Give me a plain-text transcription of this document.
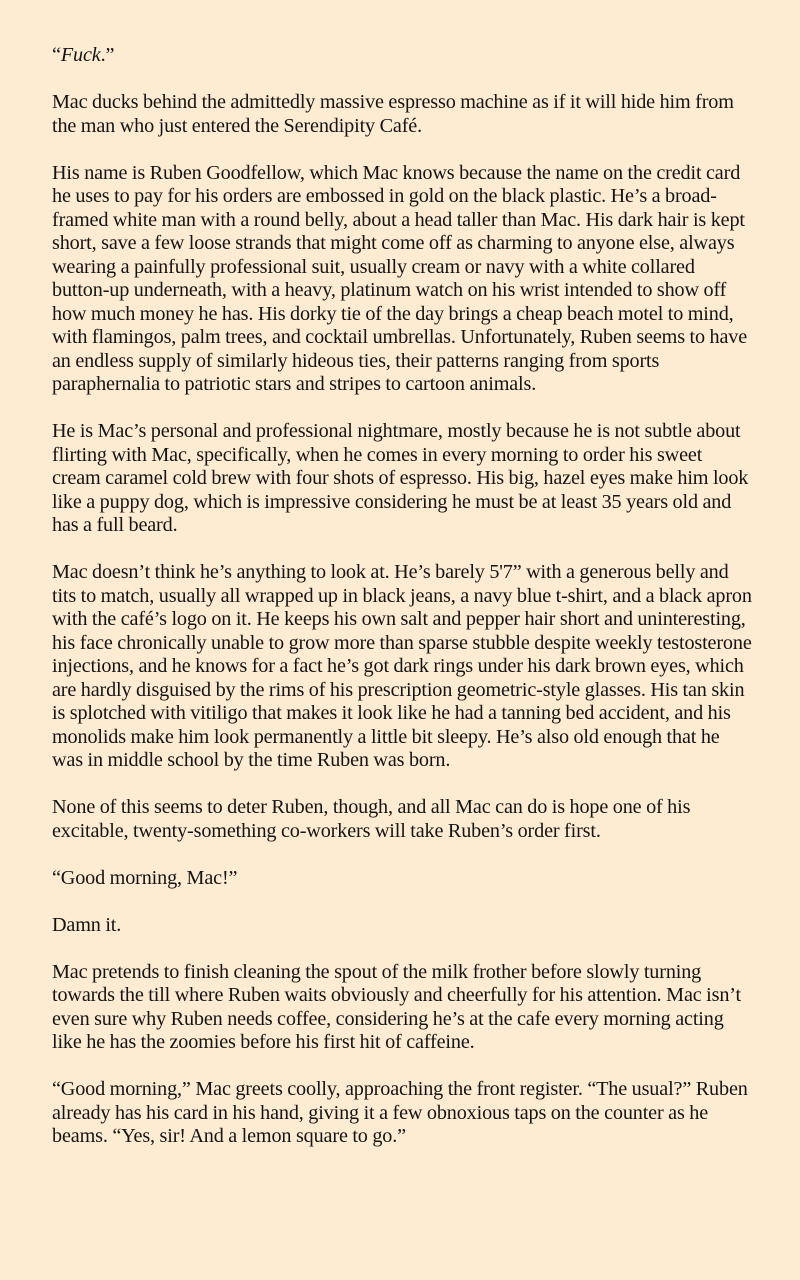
“Fuck.”

Mac ducks behind the admittedly massive espresso machine as if it will hide him from the man who just entered the Serendipity Café.

His name is Ruben Goodfellow, which Mac knows because the name on the credit card he uses to pay for his orders are embossed in gold on the black plastic. He’s a broad-framed white man with a round belly, about a head taller than Mac. His dark hair is kept short, save a few loose strands that might come off as charming to anyone else, always wearing a painfully professional suit, usually cream or navy with a white collared button-up underneath, with a heavy, platinum watch on his wrist intended to show off how much money he has. His dorky tie of the day brings a cheap beach motel to mind, with flamingos, palm trees, and cocktail umbrellas. Unfortunately, Ruben seems to have an endless supply of similarly hideous ties, their patterns ranging from sports paraphernalia to patriotic stars and stripes to cartoon animals.

He is Mac’s personal and professional nightmare, mostly because he is not subtle about flirting with Mac, specifically, when he comes in every morning to order his sweet cream caramel cold brew with four shots of espresso. His big, hazel eyes make him look like a puppy dog, which is impressive considering he must be at least 35 years old and has a full beard.

Mac doesn’t think he’s anything to look at. He’s barely 5'7” with a generous belly and tits to match, usually all wrapped up in black jeans, a navy blue t-shirt, and a black apron with the café’s logo on it. He keeps his own salt and pepper hair short and uninteresting, his face chronically unable to grow more than sparse stubble despite weekly testosterone injections, and he knows for a fact he’s got dark rings under his dark brown eyes, which are hardly disguised by the rims of his prescription geometric-style glasses. His tan skin is splotched with vitiligo that makes it look like he had a tanning bed accident, and his monolids make him look permanently a little bit sleepy. He’s also old enough that he was in middle school by the time Ruben was born.

None of this seems to deter Ruben, though, and all Mac can do is hope one of his excitable, twenty-something co-workers will take Ruben’s order first.

“Good morning, Mac!”

Damn it.

Mac pretends to finish cleaning the spout of the milk frother before slowly turning towards the till where Ruben waits obviously and cheerfully for his attention. Mac isn’t even sure why Ruben needs coffee, considering he’s at the cafe every morning acting like he has the zoomies before his first hit of caffeine.

“Good morning,” Mac greets coolly, approaching the front register. “The usual?” Ruben already has his card in his hand, giving it a few obnoxious taps on the counter as he beams. “Yes, sir! And a lemon square to go.”
